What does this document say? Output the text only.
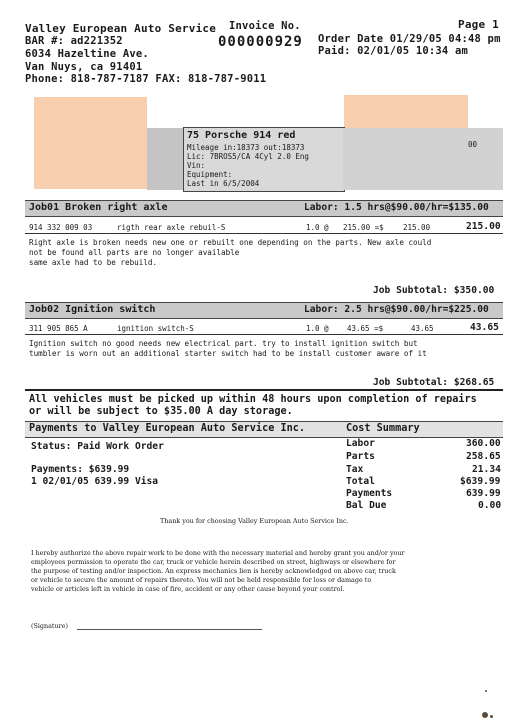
Valley European Auto Service Invoice No.
BAR #: ad221352	000000929
6034 Hazeltine Ave.
Van Nuys, ca 91401
Phone: 818-787-7187 FAX: 818-787-9011
Page 1
Order Date 01/29/05 04:48 pm
Paid: 02/01/05 10:34 am
75 Porsche 914 red
Mileage in:18373 out:18373
Lic: 7BROS5/CA 4Cyl 2.0 Eng
Vin:
Equipment:
Last in 6/5/2004
00
Job01 Broken right axle	Labor: 1.5 hrs@$90.00/hr=$135.00
914 332 009 03	rigth rear axle rebuil-S	1.0 @ 215.00 =$	215.00	215.00
Right axle is broken needs new one or rebuilt one depending on the parts. New axle could
not be found all parts are no longer available
same axle had to be rebuild.
Job Subtotal: $350.00
Job02 Ignition switch	Labor: 2.5 hrs@$90.00/hr=$225.00
311 905 865 A	ignition switch-S	1.0 @ 43.65 =$	43.65	43.65
Ignition switch no good needs new electrical part. try to install ignition switch but
tumbler is worn out an additional starter switch had to be install customer aware of it
Job Subtotal: $268.65
All vehicles must be picked up within 48 hours upon completion of repairs
or will be subject to $35.00 A day storage.
Payments to Valley European Auto Service Inc.	Cost Summary
Status: Paid Work Order
Payments: $639.99
1 02/01/05 639.99 Visa
Labor	360.00
Parts	258.65
Tax	21.34
Total	$639.99
Payments	639.99
Bal Due	0.00
Thank you for choosing Valley European Auto Service Inc.
I hereby authorize the above repair work to be done with the necessary material and hereby grant you and/or your
employees permission to operate the car, truck or vehicle herein described on street, highways or elsewhere for
the purpose of testing and/or inspection. An express mechanics lien is hereby acknowledged on above car, truck
or vehicle to secure the amount of repairs thereto. You will not be held responsible for loss or damage to
vehicle or articles left in vehicle in case of fire, accident or any other cause beyond your control.
(Signature)
